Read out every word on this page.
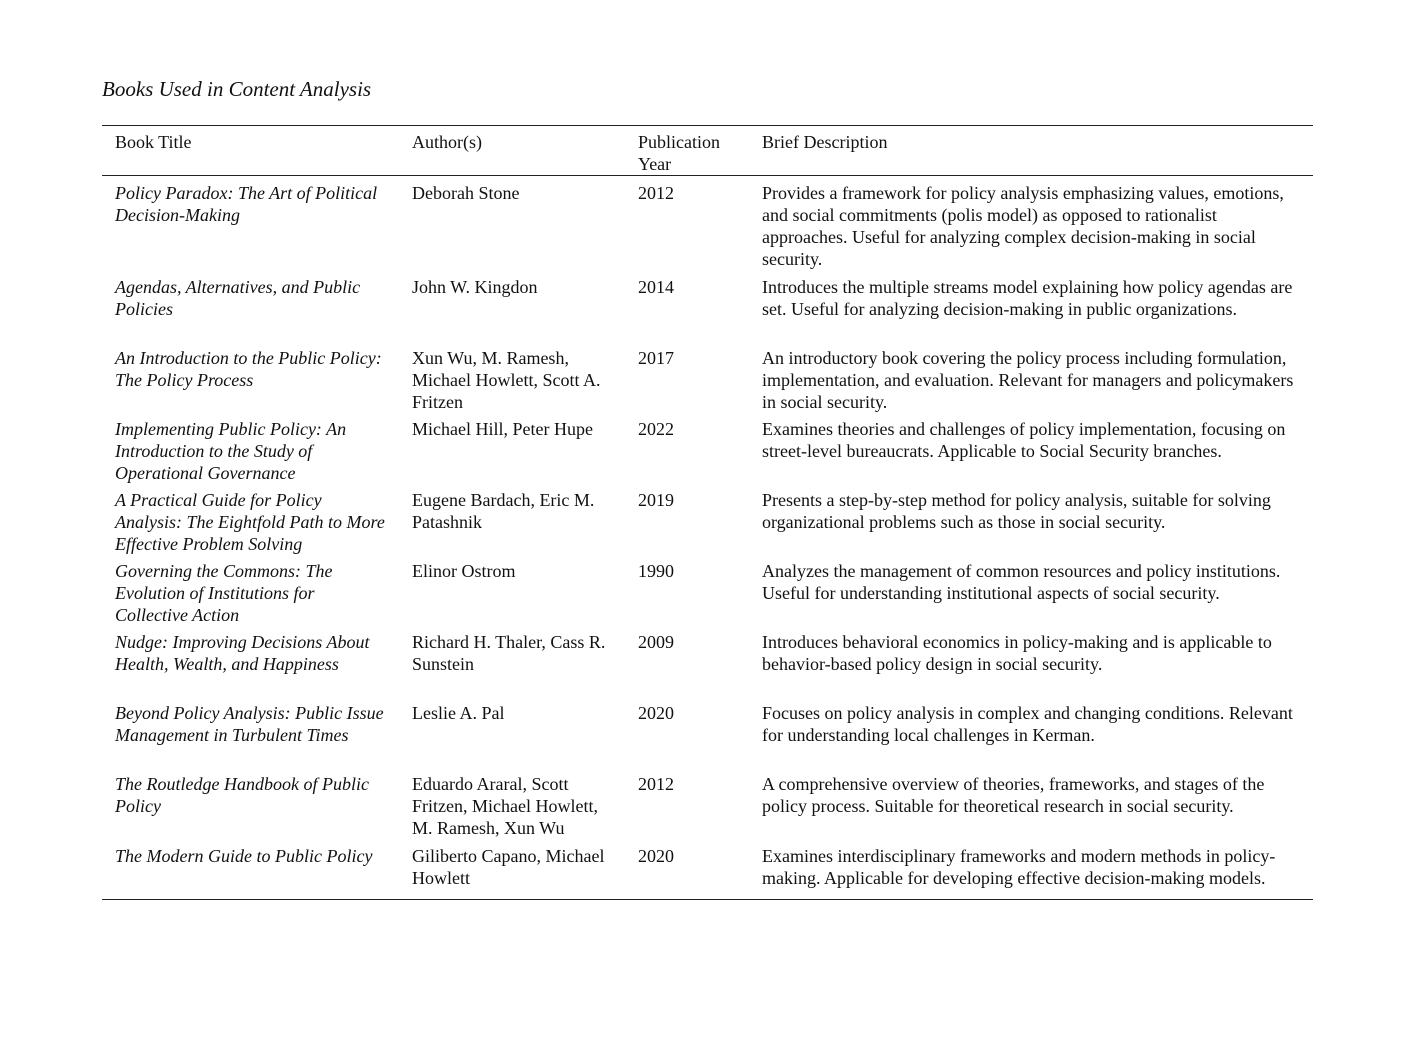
Books Used in Content Analysis
Book Title	Author(s)	Publication Year	Brief Description
Policy Paradox: The Art of Political Decision-Making	Deborah Stone	2012	Provides a framework for policy analysis emphasizing values, emotions, and social commitments (polis model) as opposed to rationalist approaches. Useful for analyzing complex decision-making in social security.
Agendas, Alternatives, and Public Policies	John W. Kingdon	2014	Introduces the multiple streams model explaining how policy agendas are set. Useful for analyzing decision-making in public organizations.
An Introduction to the Public Policy: The Policy Process	Xun Wu, M. Ramesh, Michael Howlett, Scott A. Fritzen	2017	An introductory book covering the policy process including formulation, implementation, and evaluation. Relevant for managers and policymakers in social security.
Implementing Public Policy: An Introduction to the Study of Operational Governance	Michael Hill, Peter Hupe	2022	Examines theories and challenges of policy implementation, focusing on street-level bureaucrats. Applicable to Social Security branches.
A Practical Guide for Policy Analysis: The Eightfold Path to More Effective Problem Solving	Eugene Bardach, Eric M. Patashnik	2019	Presents a step-by-step method for policy analysis, suitable for solving organizational problems such as those in social security.
Governing the Commons: The Evolution of Institutions for Collective Action	Elinor Ostrom	1990	Analyzes the management of common resources and policy institutions. Useful for understanding institutional aspects of social security.
Nudge: Improving Decisions About Health, Wealth, and Happiness	Richard H. Thaler, Cass R. Sunstein	2009	Introduces behavioral economics in policy-making and is applicable to behavior-based policy design in social security.
Beyond Policy Analysis: Public Issue Management in Turbulent Times	Leslie A. Pal	2020	Focuses on policy analysis in complex and changing conditions. Relevant for understanding local challenges in Kerman.
The Routledge Handbook of Public Policy	Eduardo Araral, Scott Fritzen, Michael Howlett, M. Ramesh, Xun Wu	2012	A comprehensive overview of theories, frameworks, and stages of the policy process. Suitable for theoretical research in social security.
The Modern Guide to Public Policy	Giliberto Capano, Michael Howlett	2020	Examines interdisciplinary frameworks and modern methods in policy-making. Applicable for developing effective decision-making models.
